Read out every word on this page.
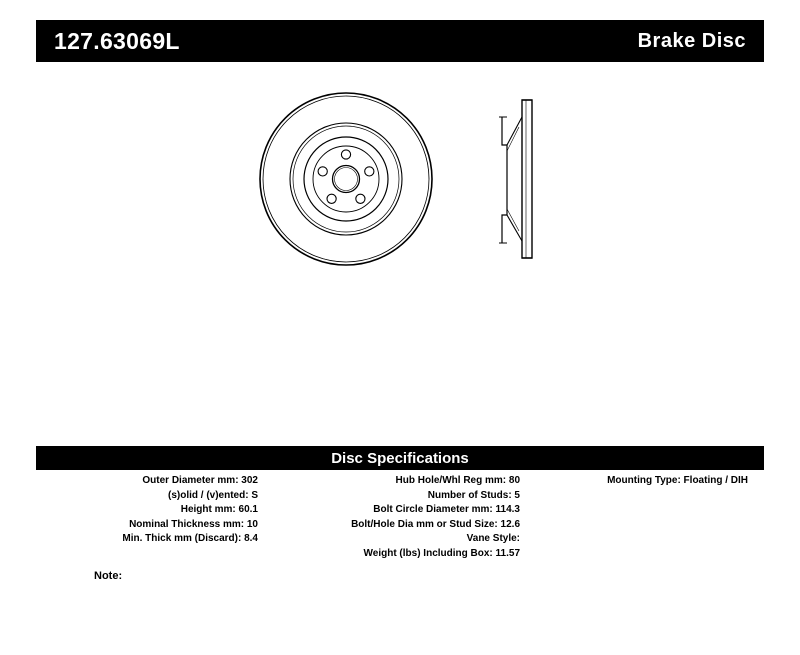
127.63069L	Brake Disc
Disc Specifications
Outer Diameter mm: 302
(s)olid / (v)ented: S
Height mm: 60.1
Nominal Thickness mm: 10
Min. Thick mm (Discard): 8.4
Hub Hole/Whl Reg mm: 80
Number of Studs: 5
Bolt Circle Diameter mm: 114.3
Bolt/Hole Dia mm or Stud Size: 12.6
Vane Style:
Weight (lbs) Including Box: 11.57
Mounting Type: Floating / DIH
Note:
